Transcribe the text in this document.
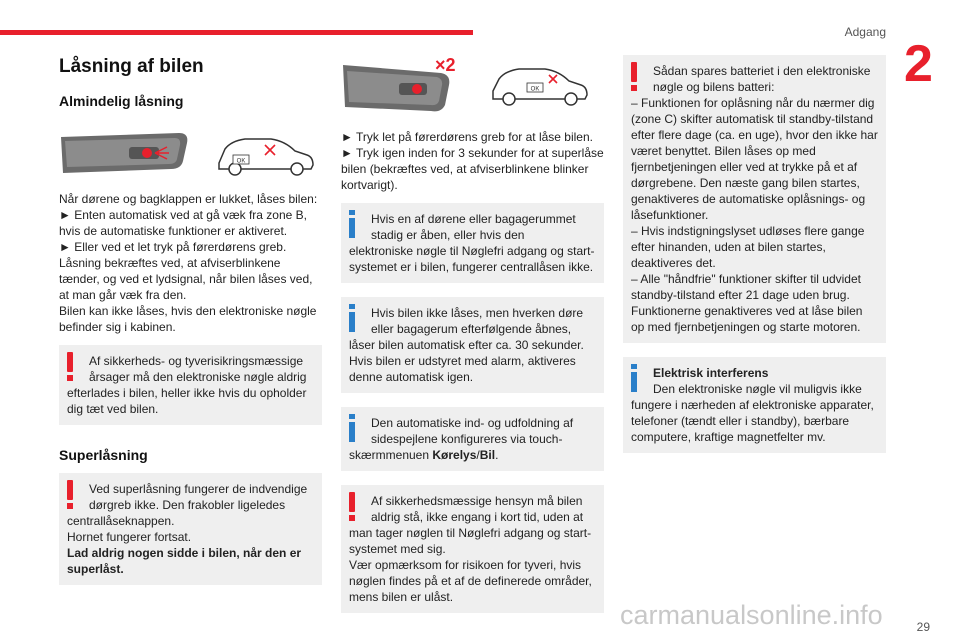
Adgang
2
Låsning af bilen
Almindelig låsning
OK

Når dørene og bagklappen er lukket, låses bilen:

► Enten automatisk ved at gå væk fra zone B, hvis de automatiske funktioner er aktiveret.

► Eller ved et let tryk på førerdørens greb.

Låsning bekræftes ved, at afviserblinkene tænder, og ved et lydsignal, når bilen låses ved, at man går væk fra den.

Bilen kan ikke låses, hvis den elektroniske nøgle befinder sig i kabinen.

Af sikkerheds- og tyverisikringsmæssige årsager må den elektroniske nøgle aldrig
efterlades i bilen, heller ikke hvis du opholder dig tæt ved bilen.
Superlåsning
Ved superlåsning fungerer de indvendige dørgreb ikke. Den frakobler ligeledes

centrallåseknappen.

Hornet fungerer fortsat.

Lad aldrig nogen sidde i bilen, når den er superlåst.

×2
OK

► Tryk let på førerdørens greb for at låse bilen.

► Tryk igen inden for 3 sekunder for at superlåse bilen (bekræftes ved, at afviserblinkene blinker kortvarigt).

Hvis en af dørene eller bagagerummet stadig er åben, eller hvis den
elektroniske nøgle til Nøglefri adgang og start-systemet er i bilen, fungerer centrallåsen ikke.
Hvis bilen ikke låses, men hverken døre eller bagagerum efterfølgende åbnes,
låser bilen automatisk efter ca. 30 sekunder. Hvis bilen er udstyret med alarm, aktiveres denne automatisk igen.
Den automatiske ind- og udfoldning af sidespejlene konfigureres via touch-
skærmmenuen Kørelys/Bil.
Af sikkerhedsmæssige hensyn må bilen aldrig stå, ikke engang i kort tid, uden at

man tager nøglen til Nøglefri adgang og start-systemet med sig.

Vær opmærksom for risikoen for tyveri, hvis nøglen findes på et af de definerede områder, mens bilen er ulåst.

Sådan spares batteriet i den elektroniske nøgle og bilens batteri:

– Funktionen for oplåsning når du nærmer dig (zone C) skifter automatisk til standby-tilstand efter flere dage (ca. en uge), hvor den ikke har været benyttet. Bilen låses op med fjernbetjeningen eller ved at trykke på et af dørgrebene. Den næste gang bilen startes, genaktiveres de automatiske oplåsnings- og låsefunktioner.

– Hvis indstigningslyset udløses flere gange efter hinanden, uden at bilen startes, deaktiveres det.

– Alle "håndfrie" funktioner skifter til udvidet standby-tilstand efter 21 dage uden brug. Funktionerne genaktiveres ved at låse bilen op med fjernbetjeningen og starte motoren.

Elektrisk interferens
Den elektroniske nøgle vil muligvis ikke
fungere i nærheden af elektroniske apparater, telefoner (tændt eller i standby), bærbare computere, kraftige magnetfelter mv.
carmanualsonline.info	29
